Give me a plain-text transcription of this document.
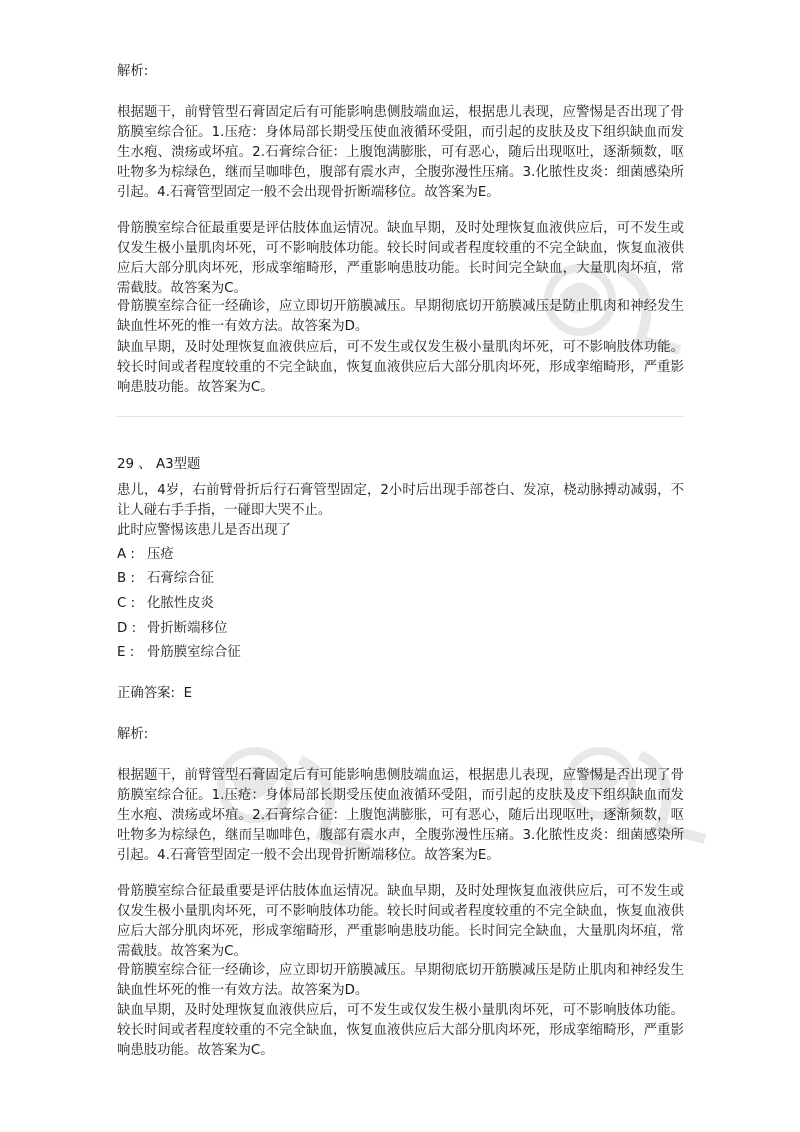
解析:

根据题干，前臂管型石膏固定后有可能影响患侧肢端血运，根据患儿表现，应警惕是否出现了骨筋膜室综合征。1.压疮：身体局部长期受压使血液循环受阻，而引起的皮肤及皮下组织缺血而发生水疱、溃疡或坏疽。2.石膏综合征：上腹饱满膨胀，可有恶心，随后出现呕吐，逐渐频数，呕吐物多为棕绿色，继而呈咖啡色，腹部有震水声，全腹弥漫性压痛。3.化脓性皮炎：细菌感染所引起。4.石膏管型固定一般不会出现骨折断端移位。故答案为E。

骨筋膜室综合征最重要是评估肢体血运情况。缺血早期，及时处理恢复血液供应后，可不发生或仅发生极小量肌肉坏死，可不影响肢体功能。较长时间或者程度较重的不完全缺血，恢复血液供应后大部分肌肉坏死，形成挛缩畸形，严重影响患肢功能。长时间完全缺血，大量肌肉坏疽，常需截肢。故答案为C。

骨筋膜室综合征一经确诊，应立即切开筋膜减压。早期彻底切开筋膜减压是防止肌肉和神经发生缺血性坏死的惟一有效方法。故答案为D。

缺血早期，及时处理恢复血液供应后，可不发生或仅发生极小量肌肉坏死，可不影响肢体功能。较长时间或者程度较重的不完全缺血，恢复血液供应后大部分肌肉坏死，形成挛缩畸形，严重影响患肢功能。故答案为C。

29 、 A3型题

患儿，4岁，右前臂骨折后行石膏管型固定，2小时后出现手部苍白、发凉，桡动脉搏动减弱，不让人碰右手手指，一碰即大哭不止。

此时应警惕该患儿是否出现了
A : 压疮
B : 石膏综合征
C : 化脓性皮炎
D : 骨折断端移位
E : 骨筋膜室综合征
正确答案: E
解析:

根据题干，前臂管型石膏固定后有可能影响患侧肢端血运，根据患儿表现，应警惕是否出现了骨筋膜室综合征。1.压疮：身体局部长期受压使血液循环受阻，而引起的皮肤及皮下组织缺血而发生水疱、溃疡或坏疽。2.石膏综合征：上腹饱满膨胀，可有恶心，随后出现呕吐，逐渐频数，呕吐物多为棕绿色，继而呈咖啡色，腹部有震水声，全腹弥漫性压痛。3.化脓性皮炎：细菌感染所引起。4.石膏管型固定一般不会出现骨折断端移位。故答案为E。

骨筋膜室综合征最重要是评估肢体血运情况。缺血早期，及时处理恢复血液供应后，可不发生或仅发生极小量肌肉坏死，可不影响肢体功能。较长时间或者程度较重的不完全缺血，恢复血液供应后大部分肌肉坏死，形成挛缩畸形，严重影响患肢功能。长时间完全缺血，大量肌肉坏疽，常需截肢。故答案为C。

骨筋膜室综合征一经确诊，应立即切开筋膜减压。早期彻底切开筋膜减压是防止肌肉和神经发生缺血性坏死的惟一有效方法。故答案为D。

缺血早期，及时处理恢复血液供应后，可不发生或仅发生极小量肌肉坏死，可不影响肢体功能。较长时间或者程度较重的不完全缺血，恢复血液供应后大部分肌肉坏死，形成挛缩畸形，严重影响患肢功能。故答案为C。
